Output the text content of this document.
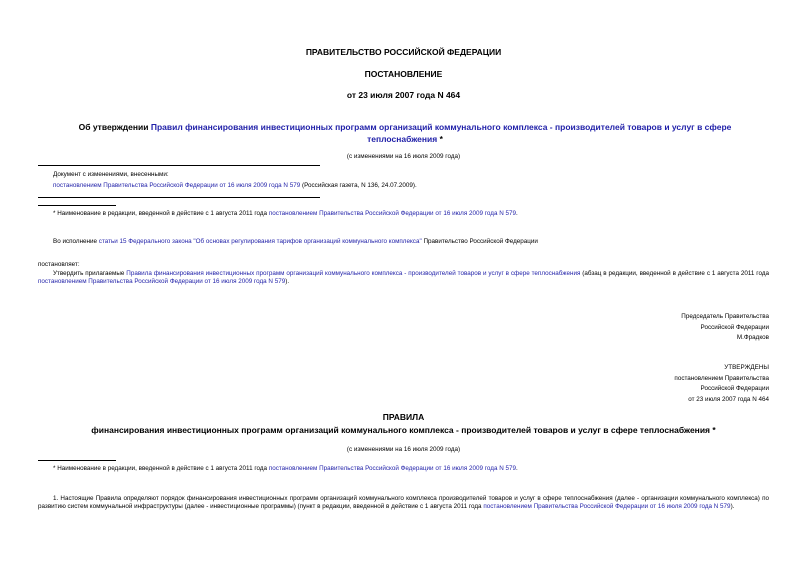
ПРАВИТЕЛЬСТВО РОССИЙСКОЙ ФЕДЕРАЦИИ
ПОСТАНОВЛЕНИЕ
от 23 июля 2007 года N 464
Об утверждении Правил финансирования инвестиционных программ организаций коммунального комплекса - производителей товаров и услуг в сфере теплоснабжения *
(с изменениями на 16 июля 2009 года)
Документ с изменениями, внесенными:
постановлением Правительства Российской Федерации от 16 июля 2009 года N 579 (Российская газета, N 136, 24.07.2009).
* Наименование в редакции, введенной в действие с 1 августа 2011 года постановлением Правительства Российской Федерации от 16 июля 2009 года N 579.
Во исполнение статьи 15 Федерального закона "Об основах регулирования тарифов организаций коммунального комплекса" Правительство Российской Федерации
постановляет:
Утвердить прилагаемые Правила финансирования инвестиционных программ организаций коммунального комплекса - производителей товаров и услуг в сфере теплоснабжения (абзац в редакции, введенной в действие с 1 августа 2011 года постановлением Правительства Российской Федерации от 16 июля 2009 года N 579).
Председатель Правительства
Российской Федерации
М.Фрадков
УТВЕРЖДЕНЫ
постановлением Правительства
Российской Федерации
от 23 июля 2007 года N 464
ПРАВИЛА
финансирования инвестиционных программ организаций коммунального комплекса - производителей товаров и услуг в сфере теплоснабжения *
(с изменениями на 16 июля 2009 года)
* Наименование в редакции, введенной в действие с 1 августа 2011 года постановлением Правительства Российской Федерации от 16 июля 2009 года N 579.
1. Настоящие Правила определяют порядок финансирования инвестиционных программ организаций коммунального комплекса производителей товаров и услуг в сфере теплоснабжения (далее - организации коммунального комплекса) по развитию систем коммунальной инфраструктуры (далее - инвестиционные программы) (пункт в редакции, введенной в действие с 1 августа 2011 года постановлением Правительства Российской Федерации от 16 июля 2009 года N 579).
